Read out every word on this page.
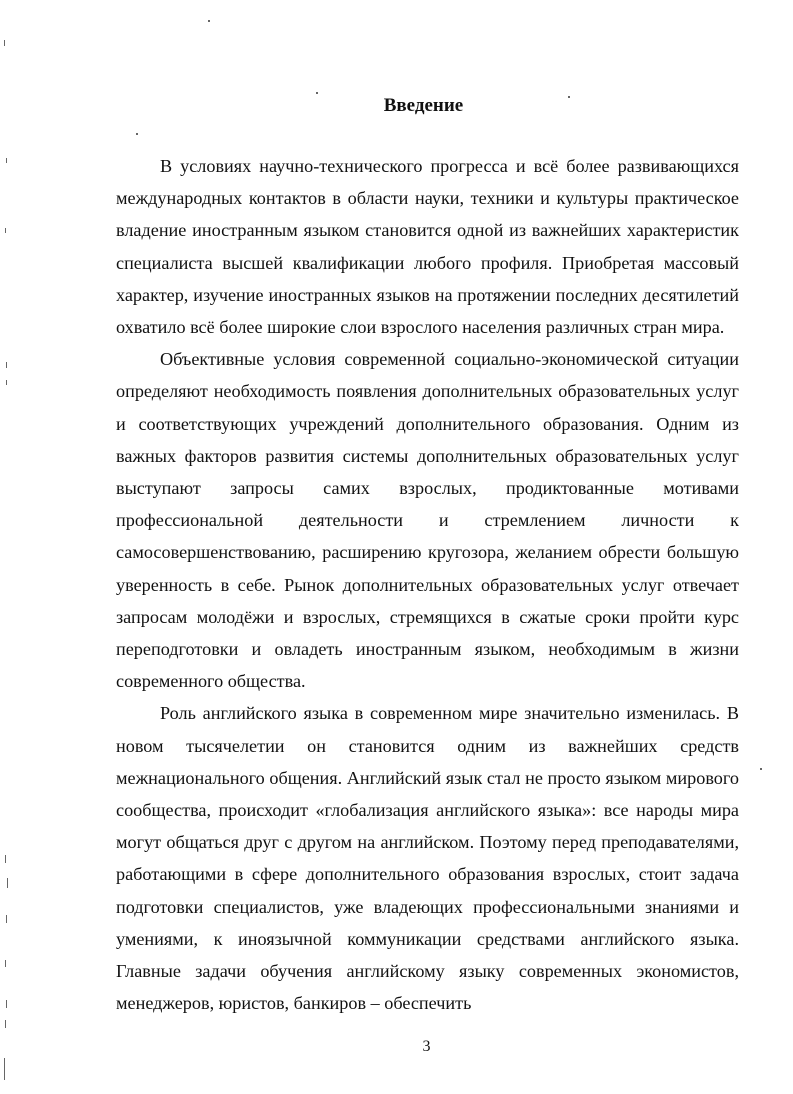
Введение

В условиях научно-технического прогресса и всё более развивающихся международных контактов в области науки, техники и культуры практическое владение иностранным языком становится одной из важнейших характеристик специалиста высшей квалификации любого профиля. Приобретая массовый характер, изучение иностранных языков на протяжении последних десятилетий охватило всё более широкие слои взрослого населения различных стран мира.

Объективные условия современной социально-экономической ситуации определяют необходимость появления дополнительных образовательных услуг и соответствующих учреждений дополнительного образования. Одним из важных факторов развития системы дополнительных образовательных услуг выступают запросы самих взрослых, продиктованные мотивами профессиональной деятельности и стремлением личности к самосовершенствованию, расширению кругозора, желанием обрести большую уверенность в себе. Рынок дополнительных образовательных услуг отвечает запросам молодёжи и взрослых, стремящихся в сжатые сроки пройти курс переподготовки и овладеть иностранным языком, необходимым в жизни современного общества.

Роль английского языка в современном мире значительно изменилась. В новом тысячелетии он становится одним из важнейших средств межнационального общения. Английский язык стал не просто языком мирового сообщества, происходит «глобализация английского языка»: все народы мира могут общаться друг с другом на английском. Поэтому перед преподавателями, работающими в сфере дополнительного образования взрослых, стоит задача подготовки специалистов, уже владеющих профессиональными знаниями и умениями, к иноязычной коммуникации средствами английского языка. Главные задачи обучения английскому языку современных экономистов, менеджеров, юристов, банкиров – обеспечить

3
